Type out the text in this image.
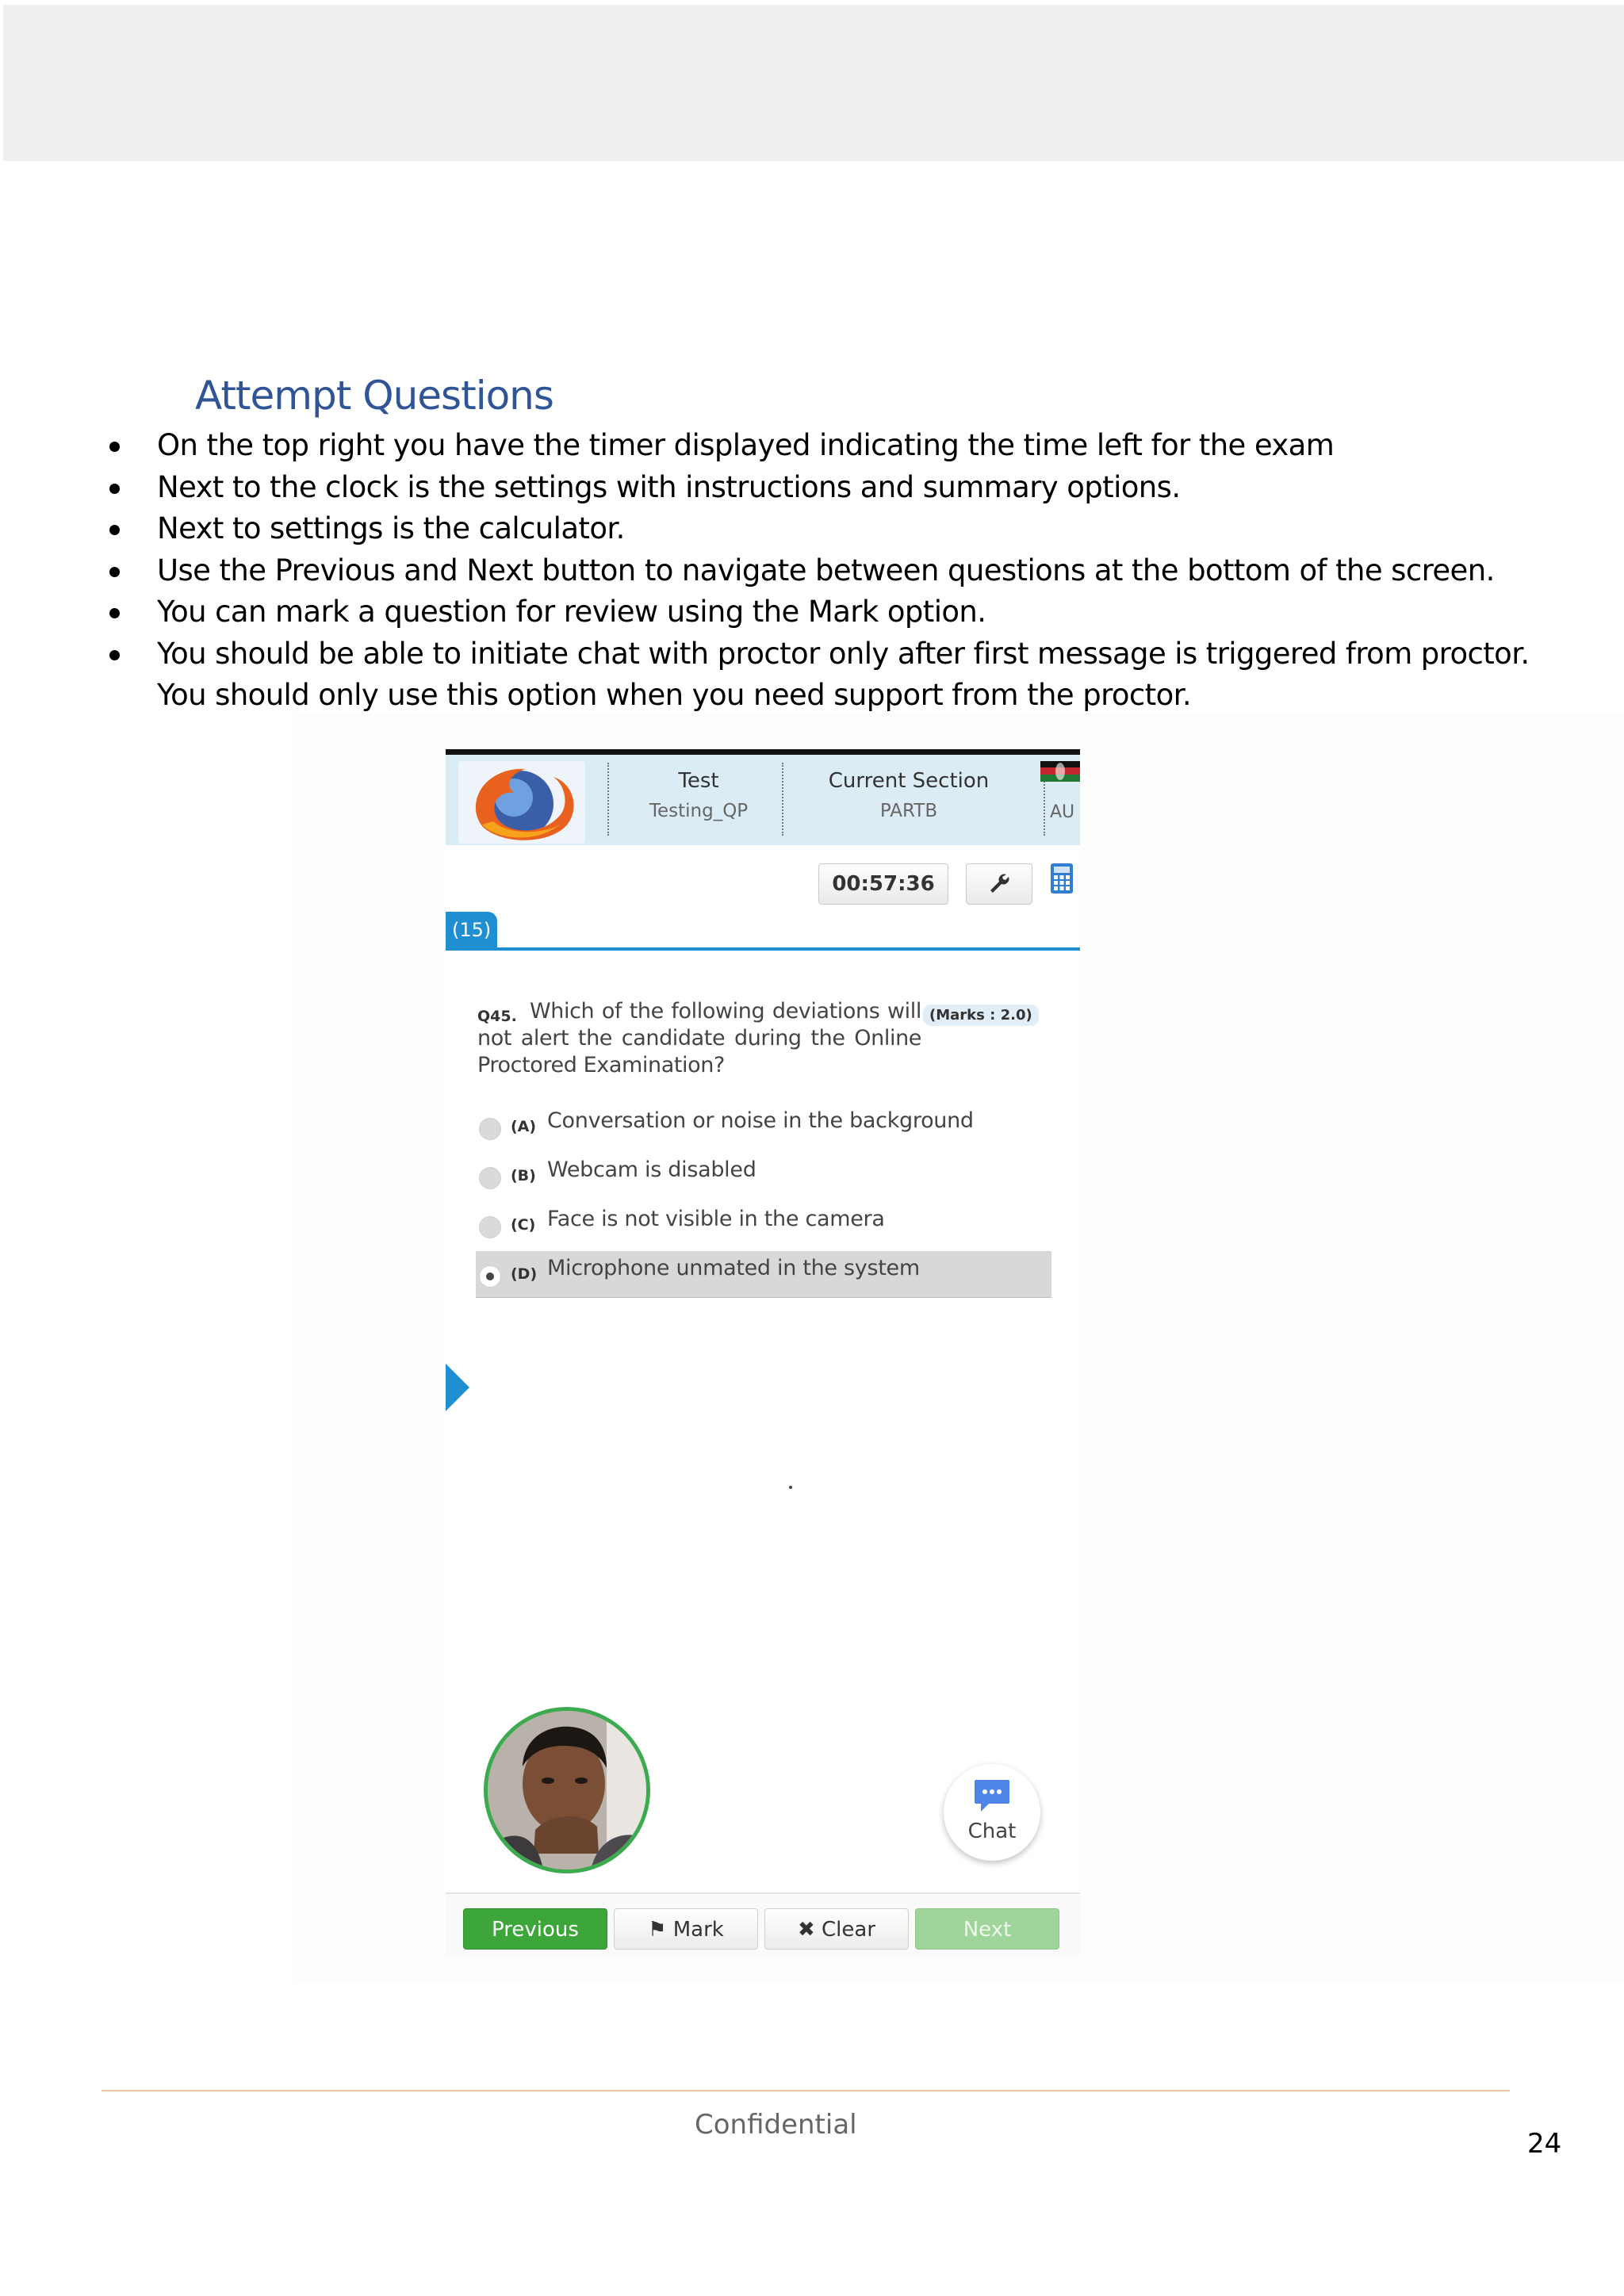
Attempt Questions
On the top right you have the timer displayed indicating the time left for the exam
Next to the clock is the settings with instructions and summary options.
Next to settings is the calculator.
Use the Previous and Next button to navigate between questions at the bottom of the screen.
You can mark a question for review using the Mark option.
You should be able to initiate chat with proctor only after first message is triggered from proctor.
You should only use this option when you need support from the proctor.
Test
Testing_QP
Current Section
PARTB	AU
00:57:36
(15)
Q45. Which of the following deviations will not alert the candidate during the Online Proctored Examination?
(Marks : 2.0)
(A) Conversation or noise in the background
(B) Webcam is disabled
(C) Face is not visible in the camera
(D) Microphone unmated in the system
Chat
Previous	⚑ Mark	✖ Clear	Next
Confidential
24
